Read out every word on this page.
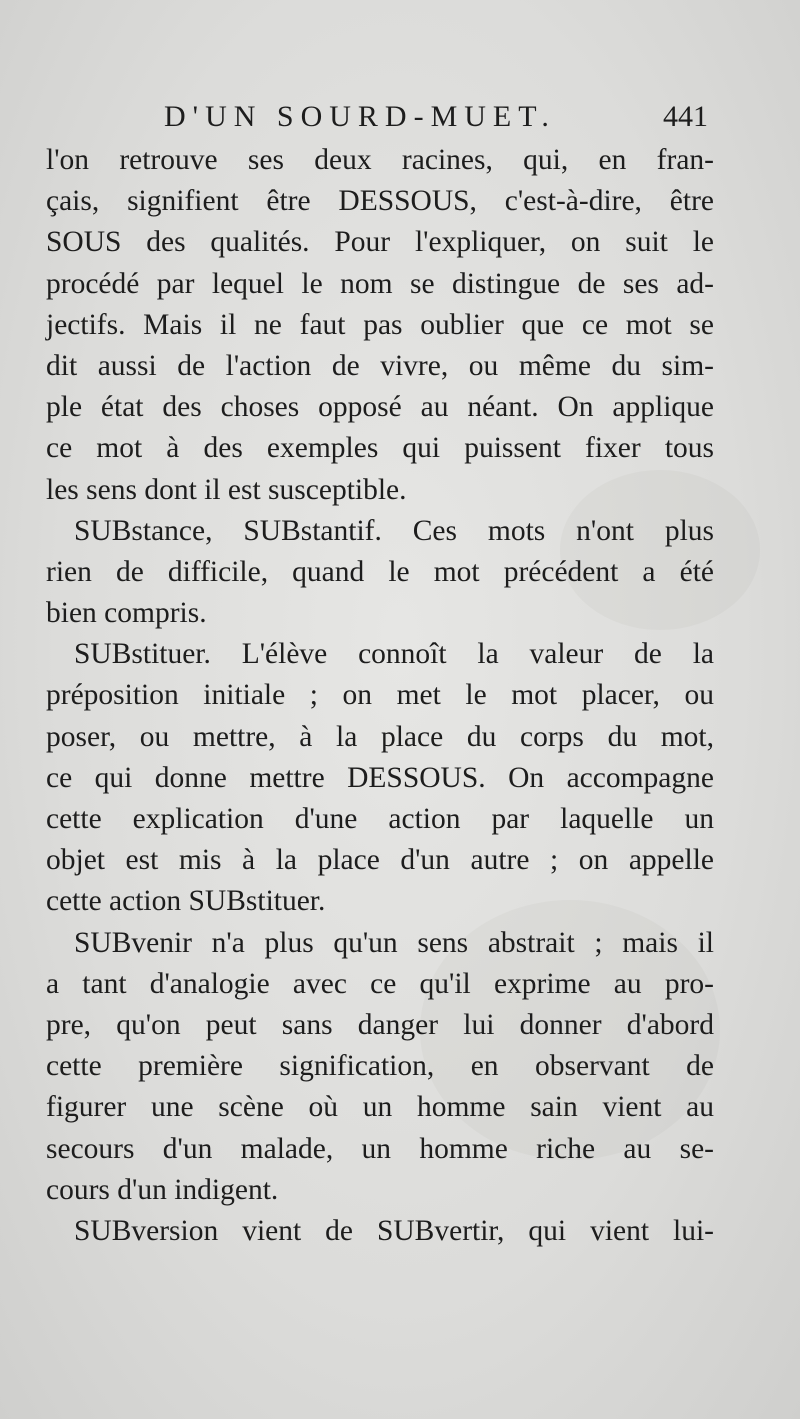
D'UN SOURD-MUET.	441
l'on retrouve ses deux racines, qui, en fran-
çais, signifient être DESSOUS, c'est-à-dire, être
SOUS des qualités. Pour l'expliquer, on suit le
procédé par lequel le nom se distingue de ses ad-
jectifs. Mais il ne faut pas oublier que ce mot se
dit aussi de l'action de vivre, ou même du sim-
ple état des choses opposé au néant. On applique
ce mot à des exemples qui puissent fixer tous
les sens dont il est susceptible.
SUBstance, SUBstantif. Ces mots n'ont plus
rien de difficile, quand le mot précédent a été
bien compris.
SUBstituer. L'élève connoît la valeur de la
préposition initiale ; on met le mot placer, ou
poser, ou mettre, à la place du corps du mot,
ce qui donne mettre DESSOUS. On accompagne
cette explication d'une action par laquelle un
objet est mis à la place d'un autre ; on appelle
cette action SUBstituer.
SUBvenir n'a plus qu'un sens abstrait ; mais il
a tant d'analogie avec ce qu'il exprime au pro-
pre, qu'on peut sans danger lui donner d'abord
cette première signification, en observant de
figurer une scène où un homme sain vient au
secours d'un malade, un homme riche au se-
cours d'un indigent.
SUBversion vient de SUBvertir, qui vient lui-
